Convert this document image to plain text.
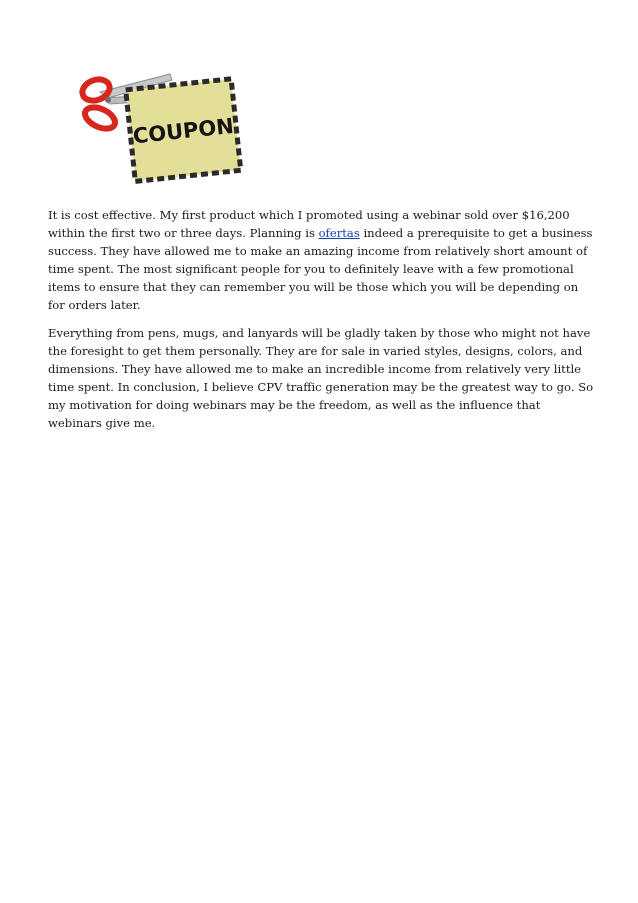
COUPON

It is cost effective. My first product which I promoted using a webinar sold over $16,200 within the first two or three days. Planning is ofertas indeed a prerequisite to get a business success. They have allowed me to make an amazing income from relatively short amount of time spent. The most significant people for you to definitely leave with a few promotional items to ensure that they can remember you will be those which you will be depending on for orders later.

Everything from pens, mugs, and lanyards will be gladly taken by those who might not have the foresight to get them personally. They are for sale in varied styles, designs, colors, and dimensions. They have allowed me to make an incredible income from relatively very little time spent. In conclusion, I believe CPV traffic generation may be the greatest way to go. So my motivation for doing webinars may be the freedom, as well as the influence that webinars give me.
